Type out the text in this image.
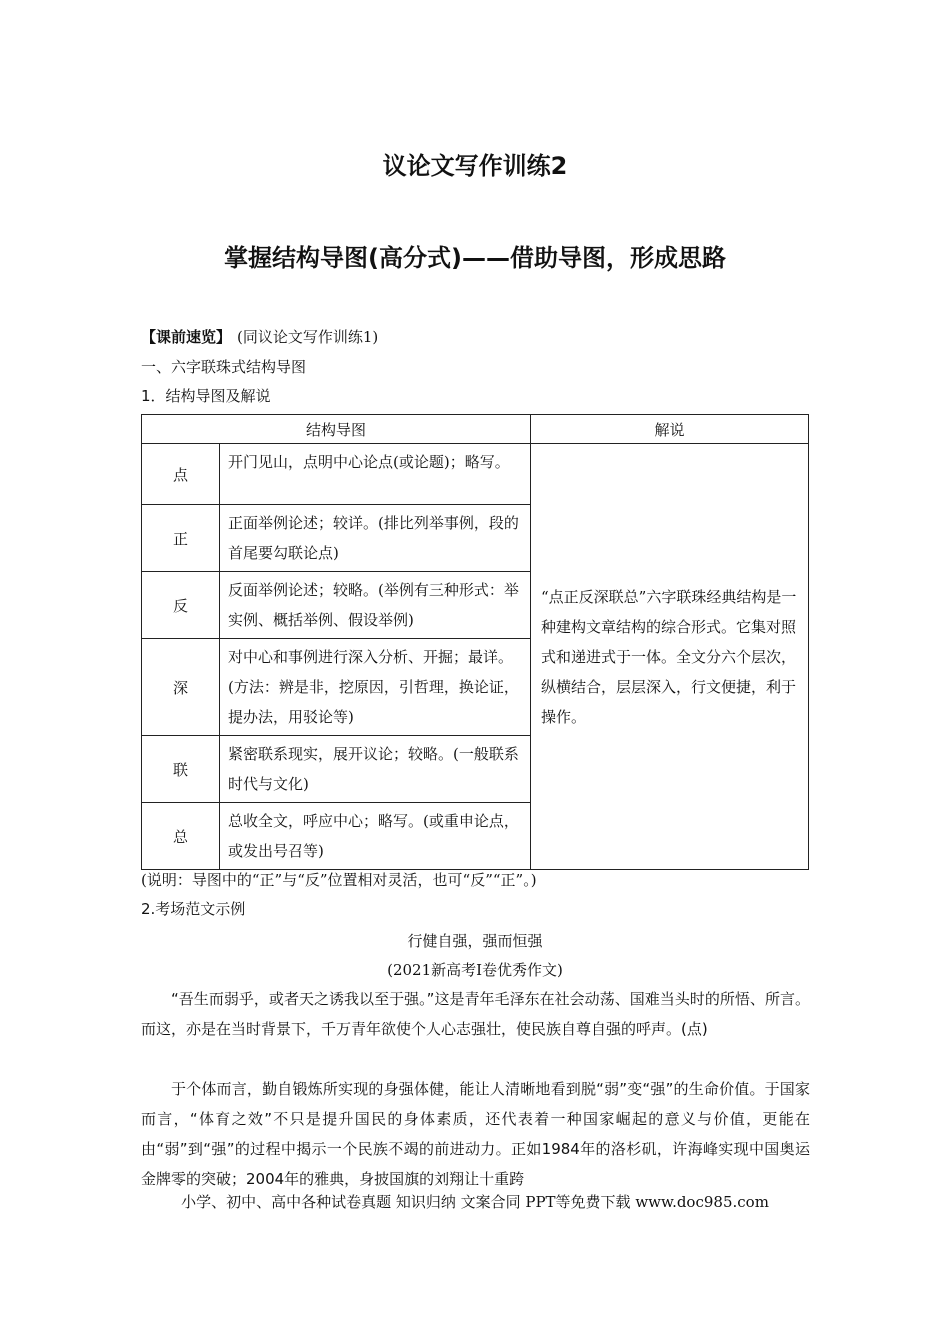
议论文写作训练2
掌握结构导图(高分式)——借助导图，形成思路
【课前速览】 (同议论文写作训练1)
一、六字联珠式结构导图
1．结构导图及解说
结构导图		解说
点	开门见山，点明中心论点(或论题)；略写。	“点正反深联总”六字联珠经典结构是一种建构文章结构的综合形式。它集对照式和递进式于一体。全文分六个层次，纵横结合，层层深入，行文便捷，利于操作。
正	正面举例论述；较详。(排比列举事例，段的首尾要勾联论点)	
反	反面举例论述；较略。(举例有三种形式：举实例、概括举例、假设举例)	
深	对中心和事例进行深入分析、开掘；最详。(方法：辨是非，挖原因，引哲理，换论证，提办法，用驳论等)	
联	紧密联系现实，展开议论；较略。(一般联系时代与文化)	
总	总收全文，呼应中心；略写。(或重申论点，或发出号召等)	
(说明：导图中的“正”与“反”位置相对灵活，也可“反”“正”。)
2.考场范文示例
行健自强，强而恒强
(2021新高考Ⅰ卷优秀作文)
“吾生而弱乎，或者天之诱我以至于强。”这是青年毛泽东在社会动荡、国难当头时的所悟、所言。而这，亦是在当时背景下，千万青年欲使个人心志强壮，使民族自尊自强的呼声。(点)
于个体而言，勤自锻炼所实现的身强体健，能让人清晰地看到脱“弱”变“强”的生命价值。于国家而言，“体育之效”不只是提升国民的身体素质，还代表着一种国家崛起的意义与价值，更能在由“弱”到“强”的过程中揭示一个民族不竭的前进动力。正如1984年的洛杉矶，许海峰实现中国奥运金牌零的突破；2004年的雅典，身披国旗的刘翔让十重跨
小学、初中、高中各种试卷真题 知识归纳 文案合同 PPT等免费下载 www.doc985.com
